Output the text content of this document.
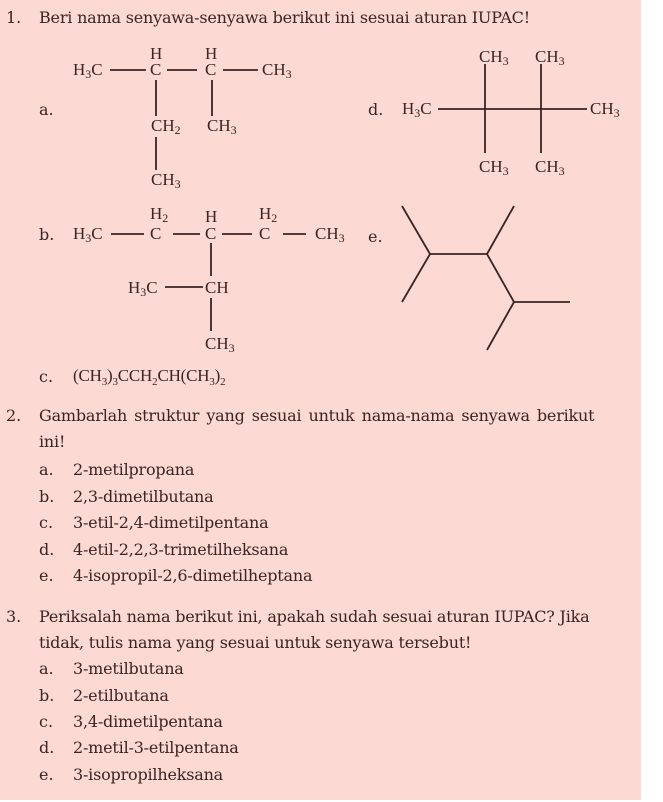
1. Beri nama senyawa-senyawa berikut ini sesuai aturan IUPAC!
a.
$H_3C$
H
C
H
C	$CH_3$
$CH_2$ $CH_3$
$CH_3$
d. $H_3C$
$CH_3$ $CH_3$
$CH_3$
$CH_3$ $CH_3$
b. $H_3C$
$H_2$
C
H
C
$H_2$
C	$CH_3$
$H_3C$	CH
$CH_3$
e.
c. $(CH_3)_3CCH_2CH(CH_3)_2$
2. Gambarlah struktur yang sesuai untuk nama-nama senyawa berikut
ini!
a. 2-metilpropana
b. 2,3-dimetilbutana
c. 3-etil-2,4-dimetilpentana
d. 4-etil-2,2,3-trimetilheksana
e. 4-isopropil-2,6-dimetilheptana
3. Periksalah nama berikut ini, apakah sudah sesuai aturan IUPAC? Jika
tidak, tulis nama yang sesuai untuk senyawa tersebut!
a. 3-metilbutana
b. 2-etilbutana
c. 3,4-dimetilpentana
d. 2-metil-3-etilpentana
e. 3-isopropilheksana
